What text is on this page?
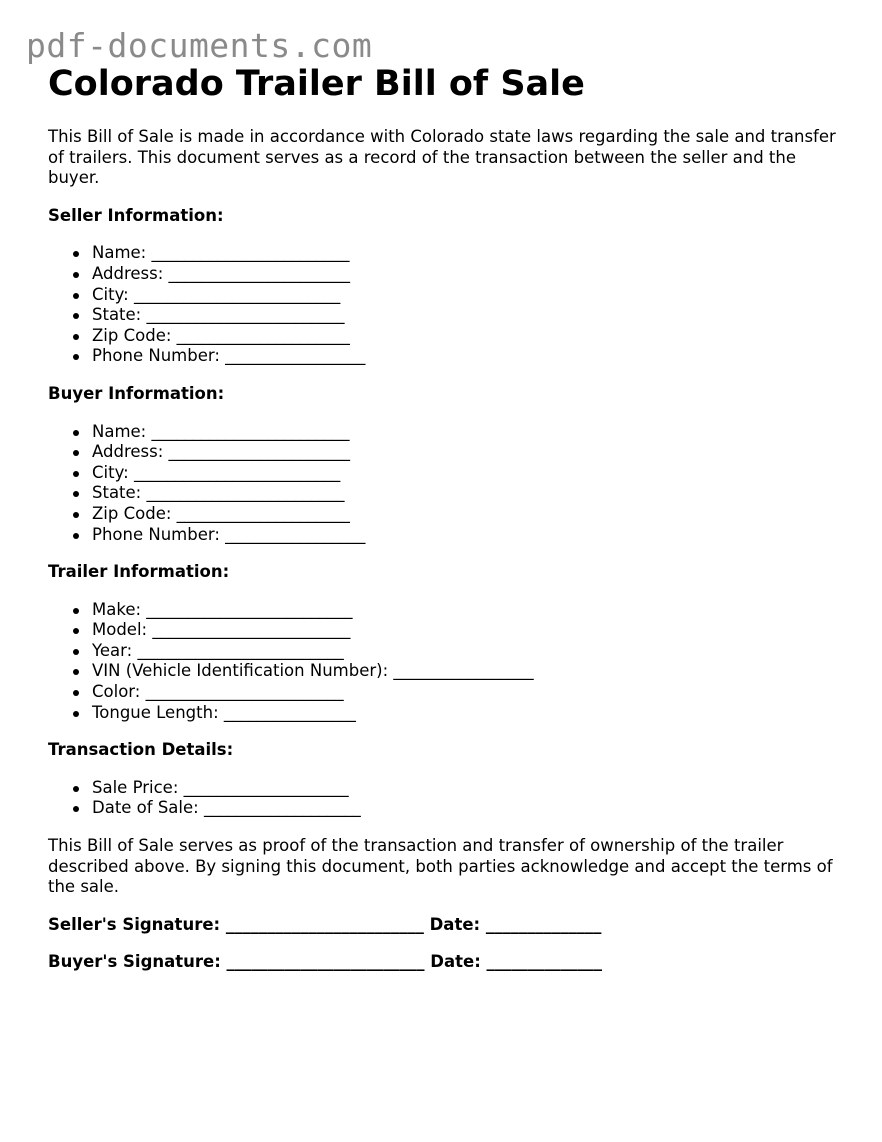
pdf-documents.com
Colorado Trailer Bill of Sale

This Bill of Sale is made in accordance with Colorado state laws regarding the sale and transfer of trailers. This document serves as a record of the transaction between the seller and the buyer.

Seller Information:
Name: ________________________
Address: ______________________
City: _________________________
State: ________________________
Zip Code: _____________________
Phone Number: _________________
Buyer Information:
Name: ________________________
Address: ______________________
City: _________________________
State: ________________________
Zip Code: _____________________
Phone Number: _________________
Trailer Information:
Make: _________________________
Model: ________________________
Year: _________________________
VIN (Vehicle Identification Number): _________________
Color: ________________________
Tongue Length: ________________
Transaction Details:
Sale Price: ____________________
Date of Sale: ___________________

This Bill of Sale serves as proof of the transaction and transfer of ownership of the trailer described above. By signing this document, both parties acknowledge and accept the terms of the sale.

Seller's Signature: ________________________ Date: ______________
Buyer's Signature: ________________________ Date: ______________
